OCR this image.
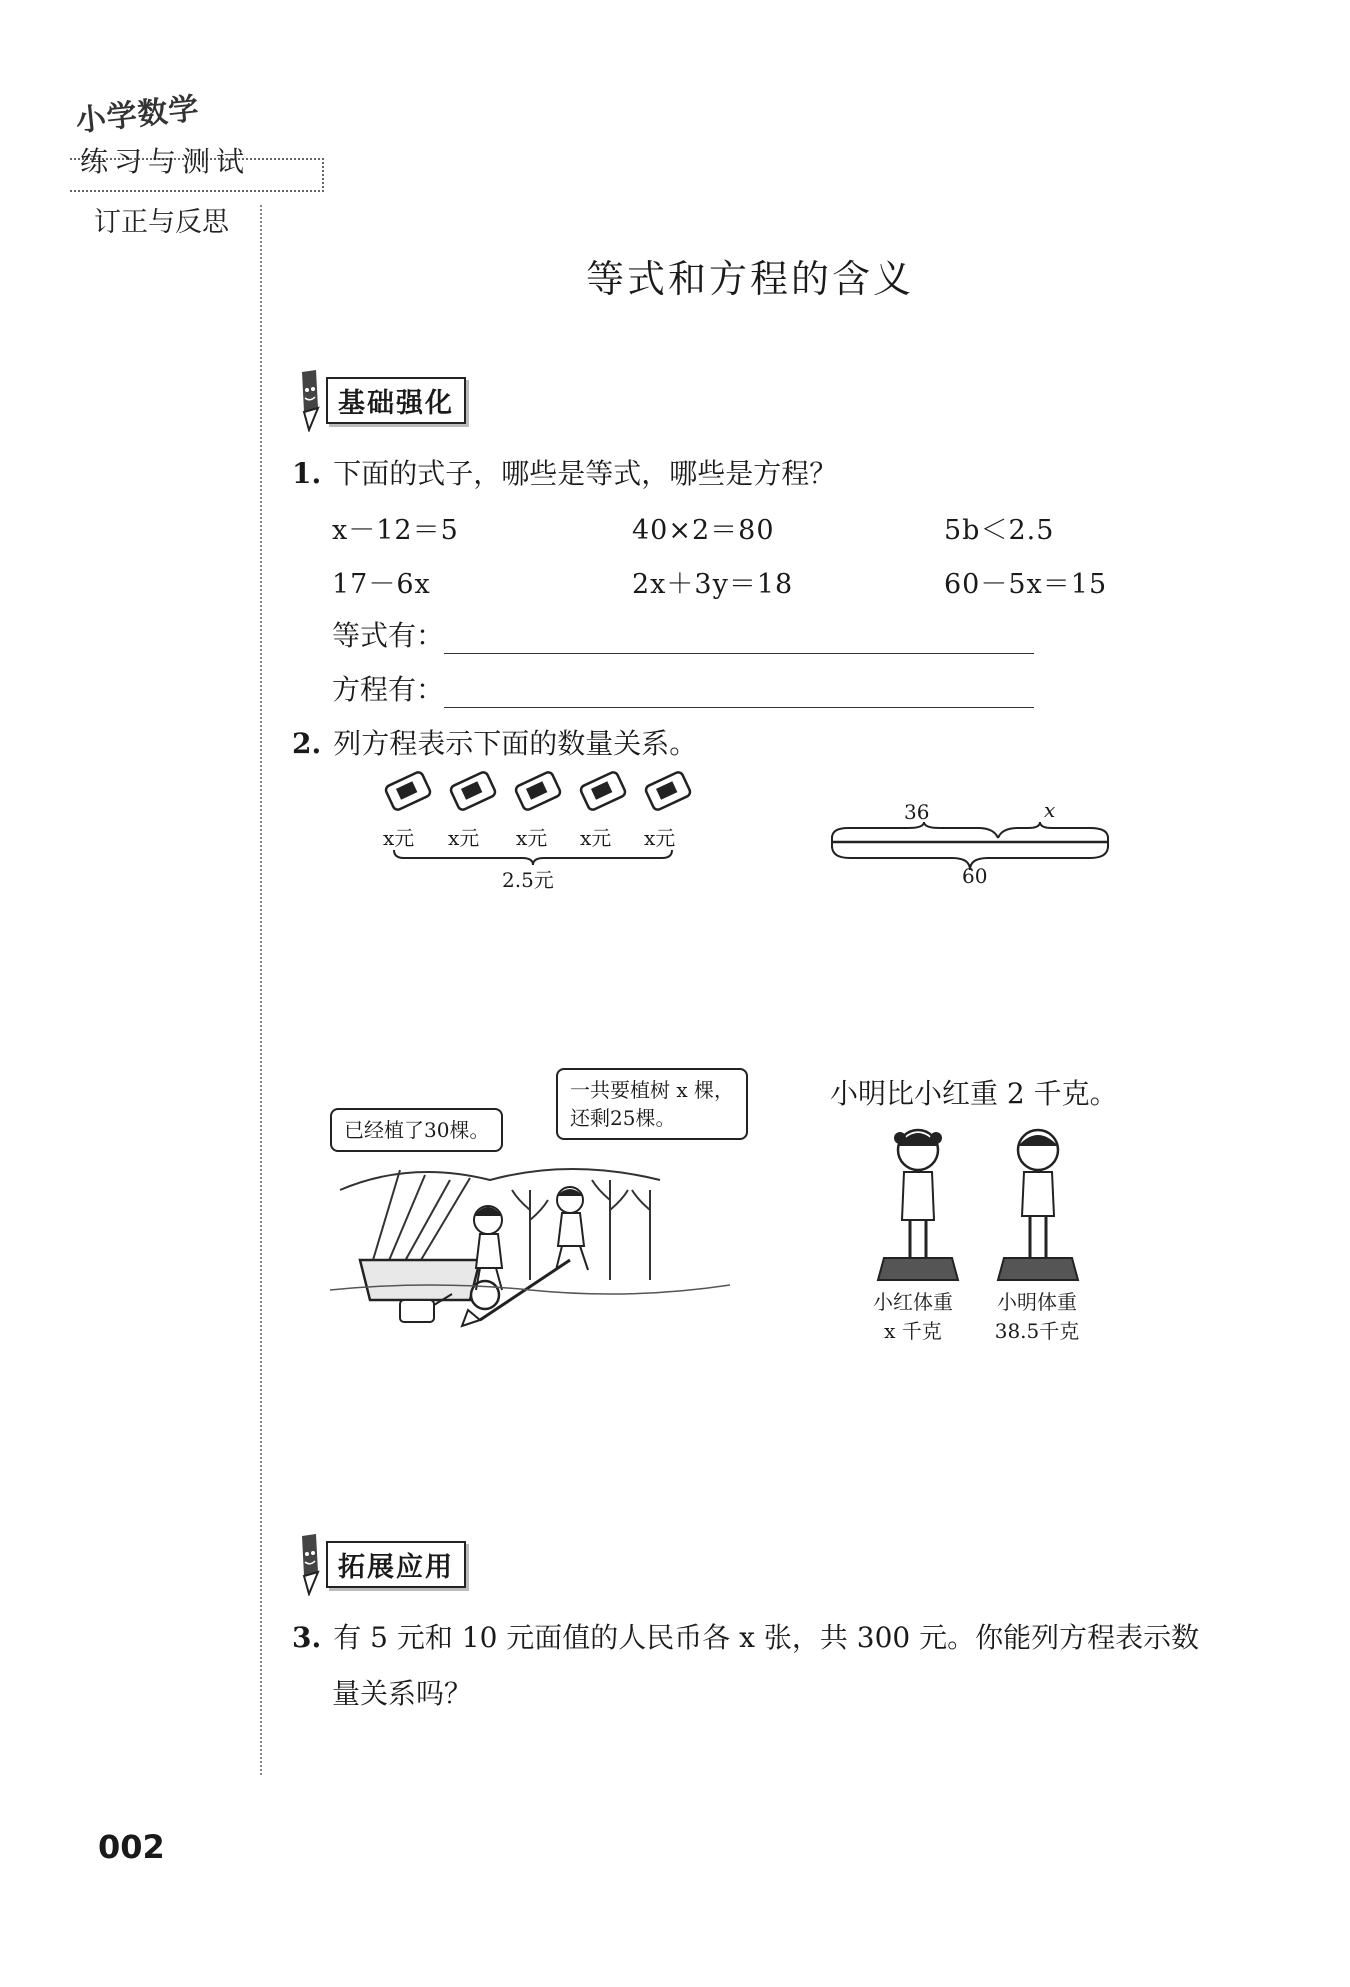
小学数学
练习与测试
订正与反思
等式和方程的含义
基础强化
1. 下面的式子，哪些是等式，哪些是方程？
x－12＝5	40×2＝80	5b＜2.5
17－6x	2x＋3y＝18	60－5x＝15
等式有：
方程有：
2. 列方程表示下面的数量关系。
x元 x元 x元 x元 x元
2.5元
36	x
60
已经植了30棵。
一共要植树 x 棵，
还剩25棵。
小明比小红重 2 千克。
小红体重
x 千克
小明体重
38.5千克
拓展应用
3. 有 5 元和 10 元面值的人民币各 x 张，共 300 元。你能列方程表示数
量关系吗？
002
